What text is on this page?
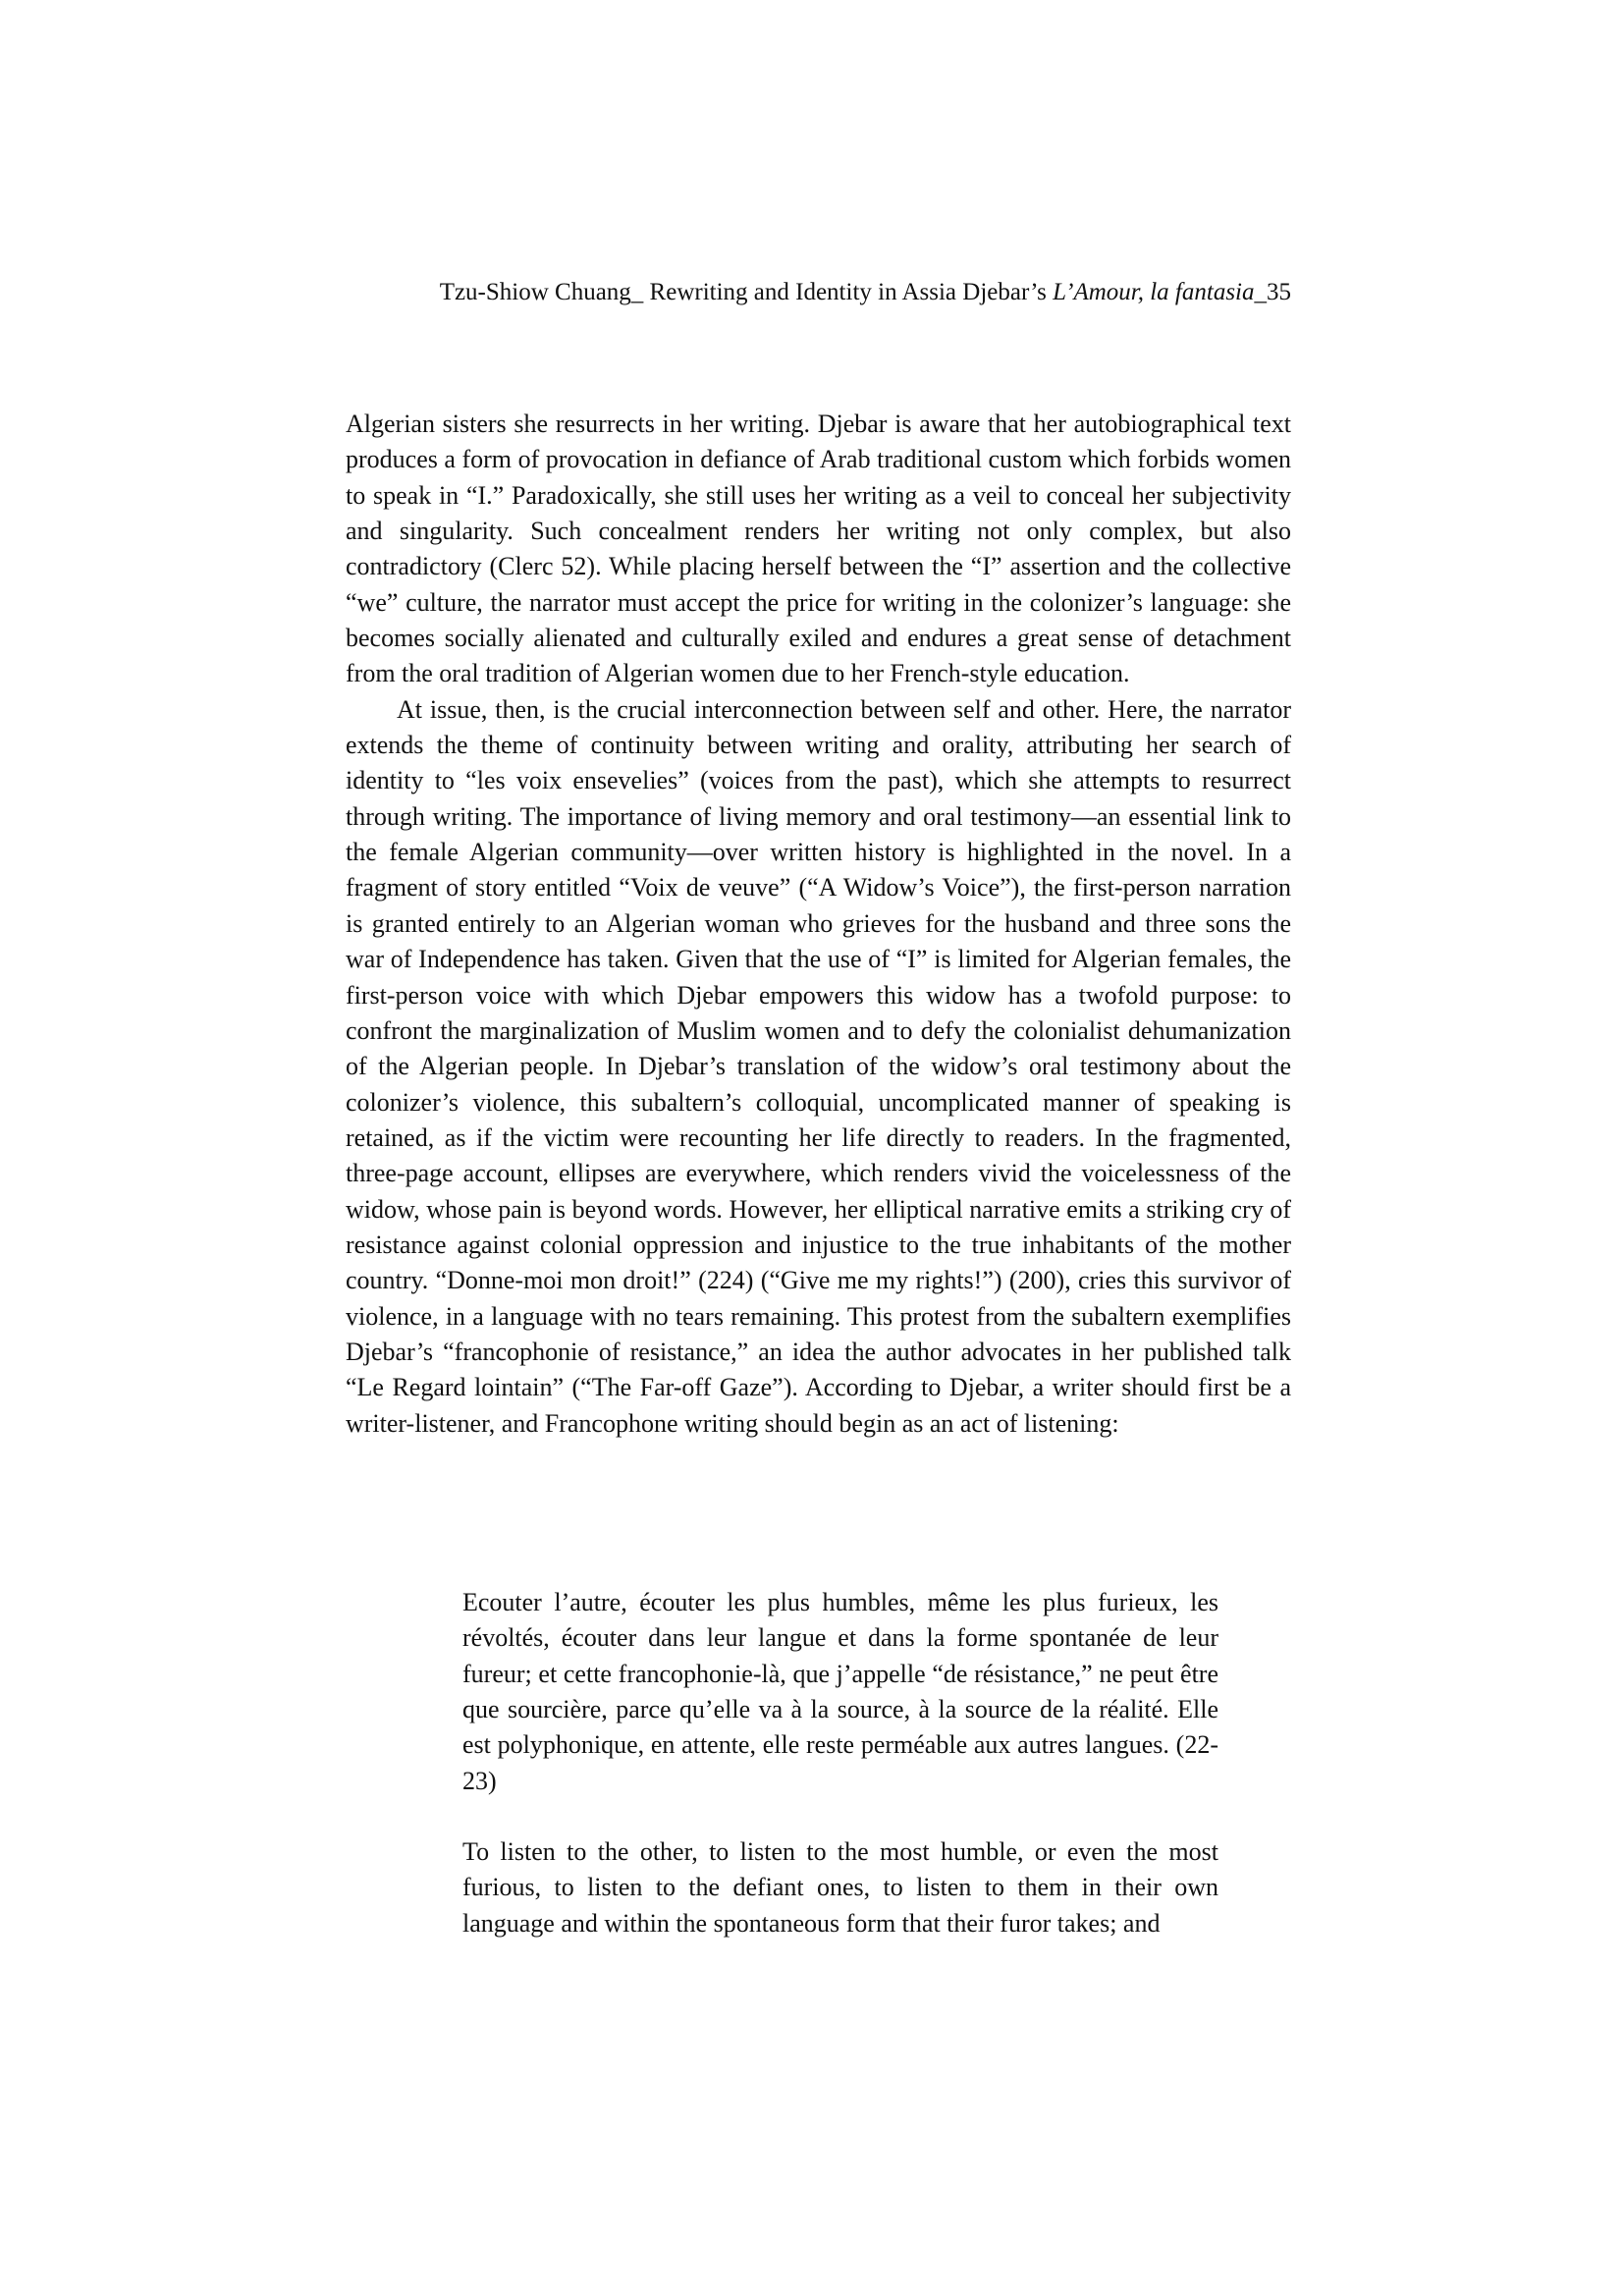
Tzu-Shiow Chuang_ Rewriting and Identity in Assia Djebar’s L’Amour, la fantasia_35

Algerian sisters she resurrects in her writing. Djebar is aware that her autobiographical text produces a form of provocation in defiance of Arab traditional custom which forbids women to speak in “I.” Paradoxically, she still uses her writing as a veil to conceal her subjectivity and singularity. Such concealment renders her writing not only complex, but also contradictory (Clerc 52). While placing herself between the “I” assertion and the collective “we” culture, the narrator must accept the price for writing in the colonizer’s language: she becomes socially alienated and culturally exiled and endures a great sense of detachment from the oral tradition of Algerian women due to her French-style education.

At issue, then, is the crucial interconnection between self and other. Here, the narrator extends the theme of continuity between writing and orality, attributing her search of identity to “les voix ensevelies” (voices from the past), which she attempts to resurrect through writing. The importance of living memory and oral testimony—an essential link to the female Algerian community—over written history is highlighted in the novel. In a fragment of story entitled “Voix de veuve” (“A Widow’s Voice”), the first-person narration is granted entirely to an Algerian woman who grieves for the husband and three sons the war of Independence has taken. Given that the use of “I” is limited for Algerian females, the first-person voice with which Djebar empowers this widow has a twofold purpose: to confront the marginalization of Muslim women and to defy the colonialist dehumanization of the Algerian people. In Djebar’s translation of the widow’s oral testimony about the colonizer’s violence, this subaltern’s colloquial, uncomplicated manner of speaking is retained, as if the victim were recounting her life directly to readers. In the fragmented, three-page account, ellipses are everywhere, which renders vivid the voicelessness of the widow, whose pain is beyond words. However, her elliptical narrative emits a striking cry of resistance against colonial oppression and injustice to the true inhabitants of the mother country. “Donne-moi mon droit!” (224) (“Give me my rights!”) (200), cries this survivor of violence, in a language with no tears remaining. This protest from the subaltern exemplifies Djebar’s “francophonie of resistance,” an idea the author advocates in her published talk “Le Regard lointain” (“The Far-off Gaze”). According to Djebar, a writer should first be a writer-listener, and Francophone writing should begin as an act of listening:

Ecouter l’autre, écouter les plus humbles, même les plus furieux, les révoltés, écouter dans leur langue et dans la forme spontanée de leur fureur; et cette francophonie-là, que j’appelle “de résistance,” ne peut être que sourcière, parce qu’elle va à la source, à la source de la réalité. Elle est polyphonique, en attente, elle reste perméable aux autres langues. (22-23)

To listen to the other, to listen to the most humble, or even the most furious, to listen to the defiant ones, to listen to them in their own language and within the spontaneous form that their furor takes; and
